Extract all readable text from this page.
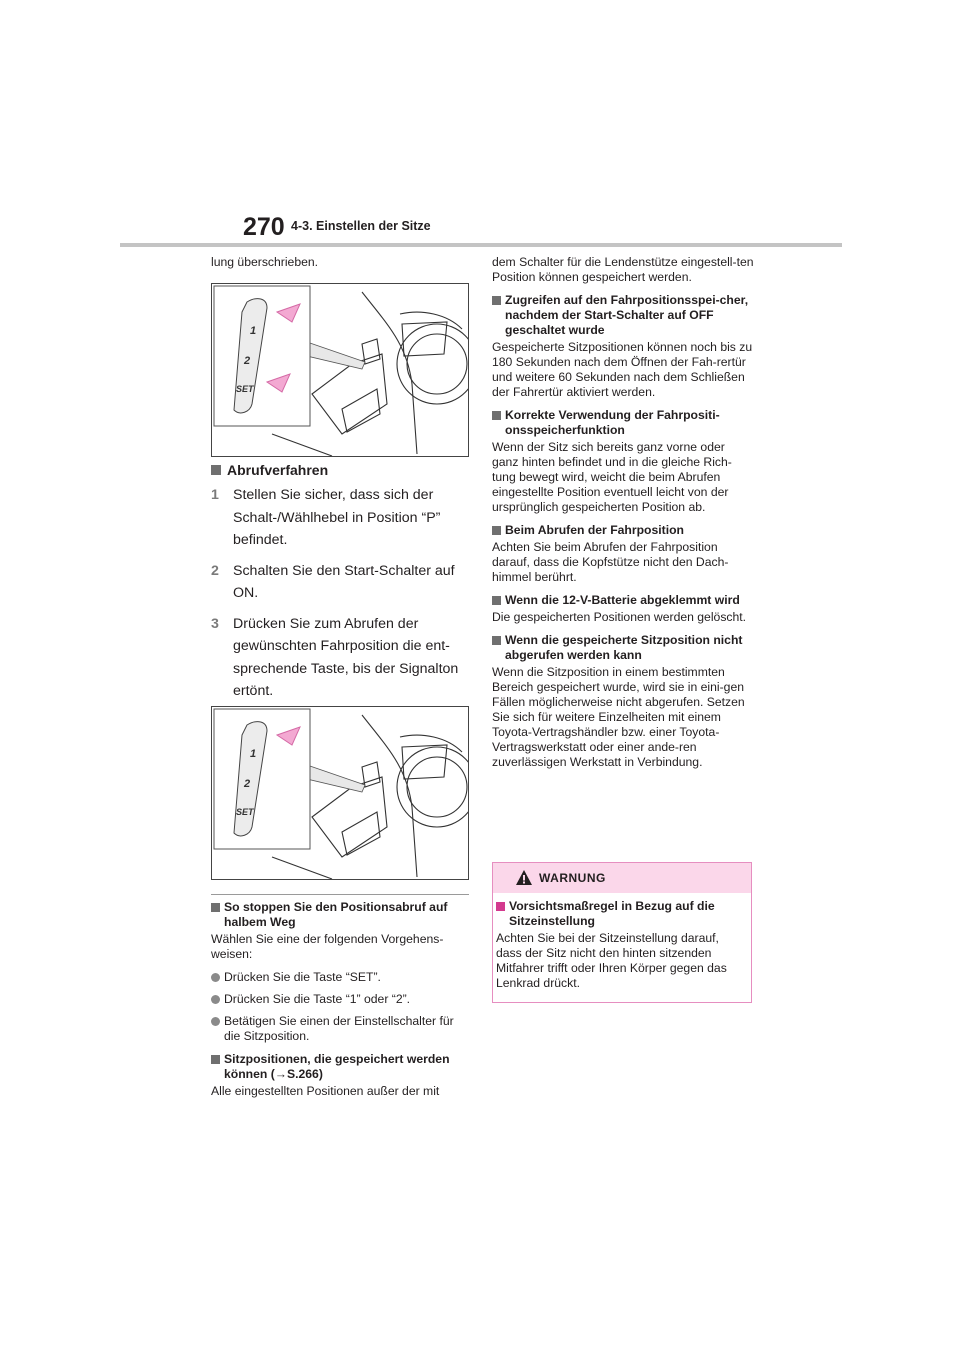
270 4-3. Einstellen der Sitze

lung überschrieben.

1
2
SET
Abrufverfahren
1 Stellen Sie sicher, dass sich der Schalt-/Wählhebel in Position “P” befindet.
2 Schalten Sie den Start-Schalter auf ON.
3 Drücken Sie zum Abrufen der gewünschten Fahrposition die ent-sprechende Taste, bis der Signalton ertönt.
1
2
SET
So stoppen Sie den Positionsabruf auf halbem Weg

Wählen Sie eine der folgenden Vorgehens-weisen:

Drücken Sie die Taste “SET”.
Drücken Sie die Taste “1” oder “2”.
Betätigen Sie einen der Einstellschalter für die Sitzposition.
Sitzpositionen, die gespeichert werden können (→S.266)

Alle eingestellten Positionen außer der mit

dem Schalter für die Lendenstütze eingestell-ten Position können gespeichert werden.

Zugreifen auf den Fahrpositionsspei-cher, nachdem der Start-Schalter auf OFF geschaltet wurde

Gespeicherte Sitzpositionen können noch bis zu 180 Sekunden nach dem Öffnen der Fah-rertür und weitere 60 Sekunden nach dem Schließen der Fahrertür aktiviert werden.

Korrekte Verwendung der Fahrpositi-onsspeicherfunktion

Wenn der Sitz sich bereits ganz vorne oder ganz hinten befindet und in die gleiche Rich-tung bewegt wird, weicht die beim Abrufen eingestellte Position eventuell leicht von der ursprünglich gespeicherten Position ab.

Beim Abrufen der Fahrposition

Achten Sie beim Abrufen der Fahrposition darauf, dass die Kopfstütze nicht den Dach-himmel berührt.

Wenn die 12-V-Batterie abgeklemmt wird

Die gespeicherten Positionen werden gelöscht.

Wenn die gespeicherte Sitzposition nicht abgerufen werden kann

Wenn die Sitzposition in einem bestimmten Bereich gespeichert wurde, wird sie in eini-gen Fällen möglicherweise nicht abgerufen. Setzen Sie sich für weitere Einzelheiten mit einem Toyota-Vertragshändler bzw. einer Toyota-Vertragswerkstatt oder einer ande-ren zuverlässigen Werkstatt in Verbindung.

WARNUNG
Vorsichtsmaßregel in Bezug auf die Sitzeinstellung

Achten Sie bei der Sitzeinstellung darauf, dass der Sitz nicht den hinten sitzenden Mitfahrer trifft oder Ihren Körper gegen das Lenkrad drückt.
